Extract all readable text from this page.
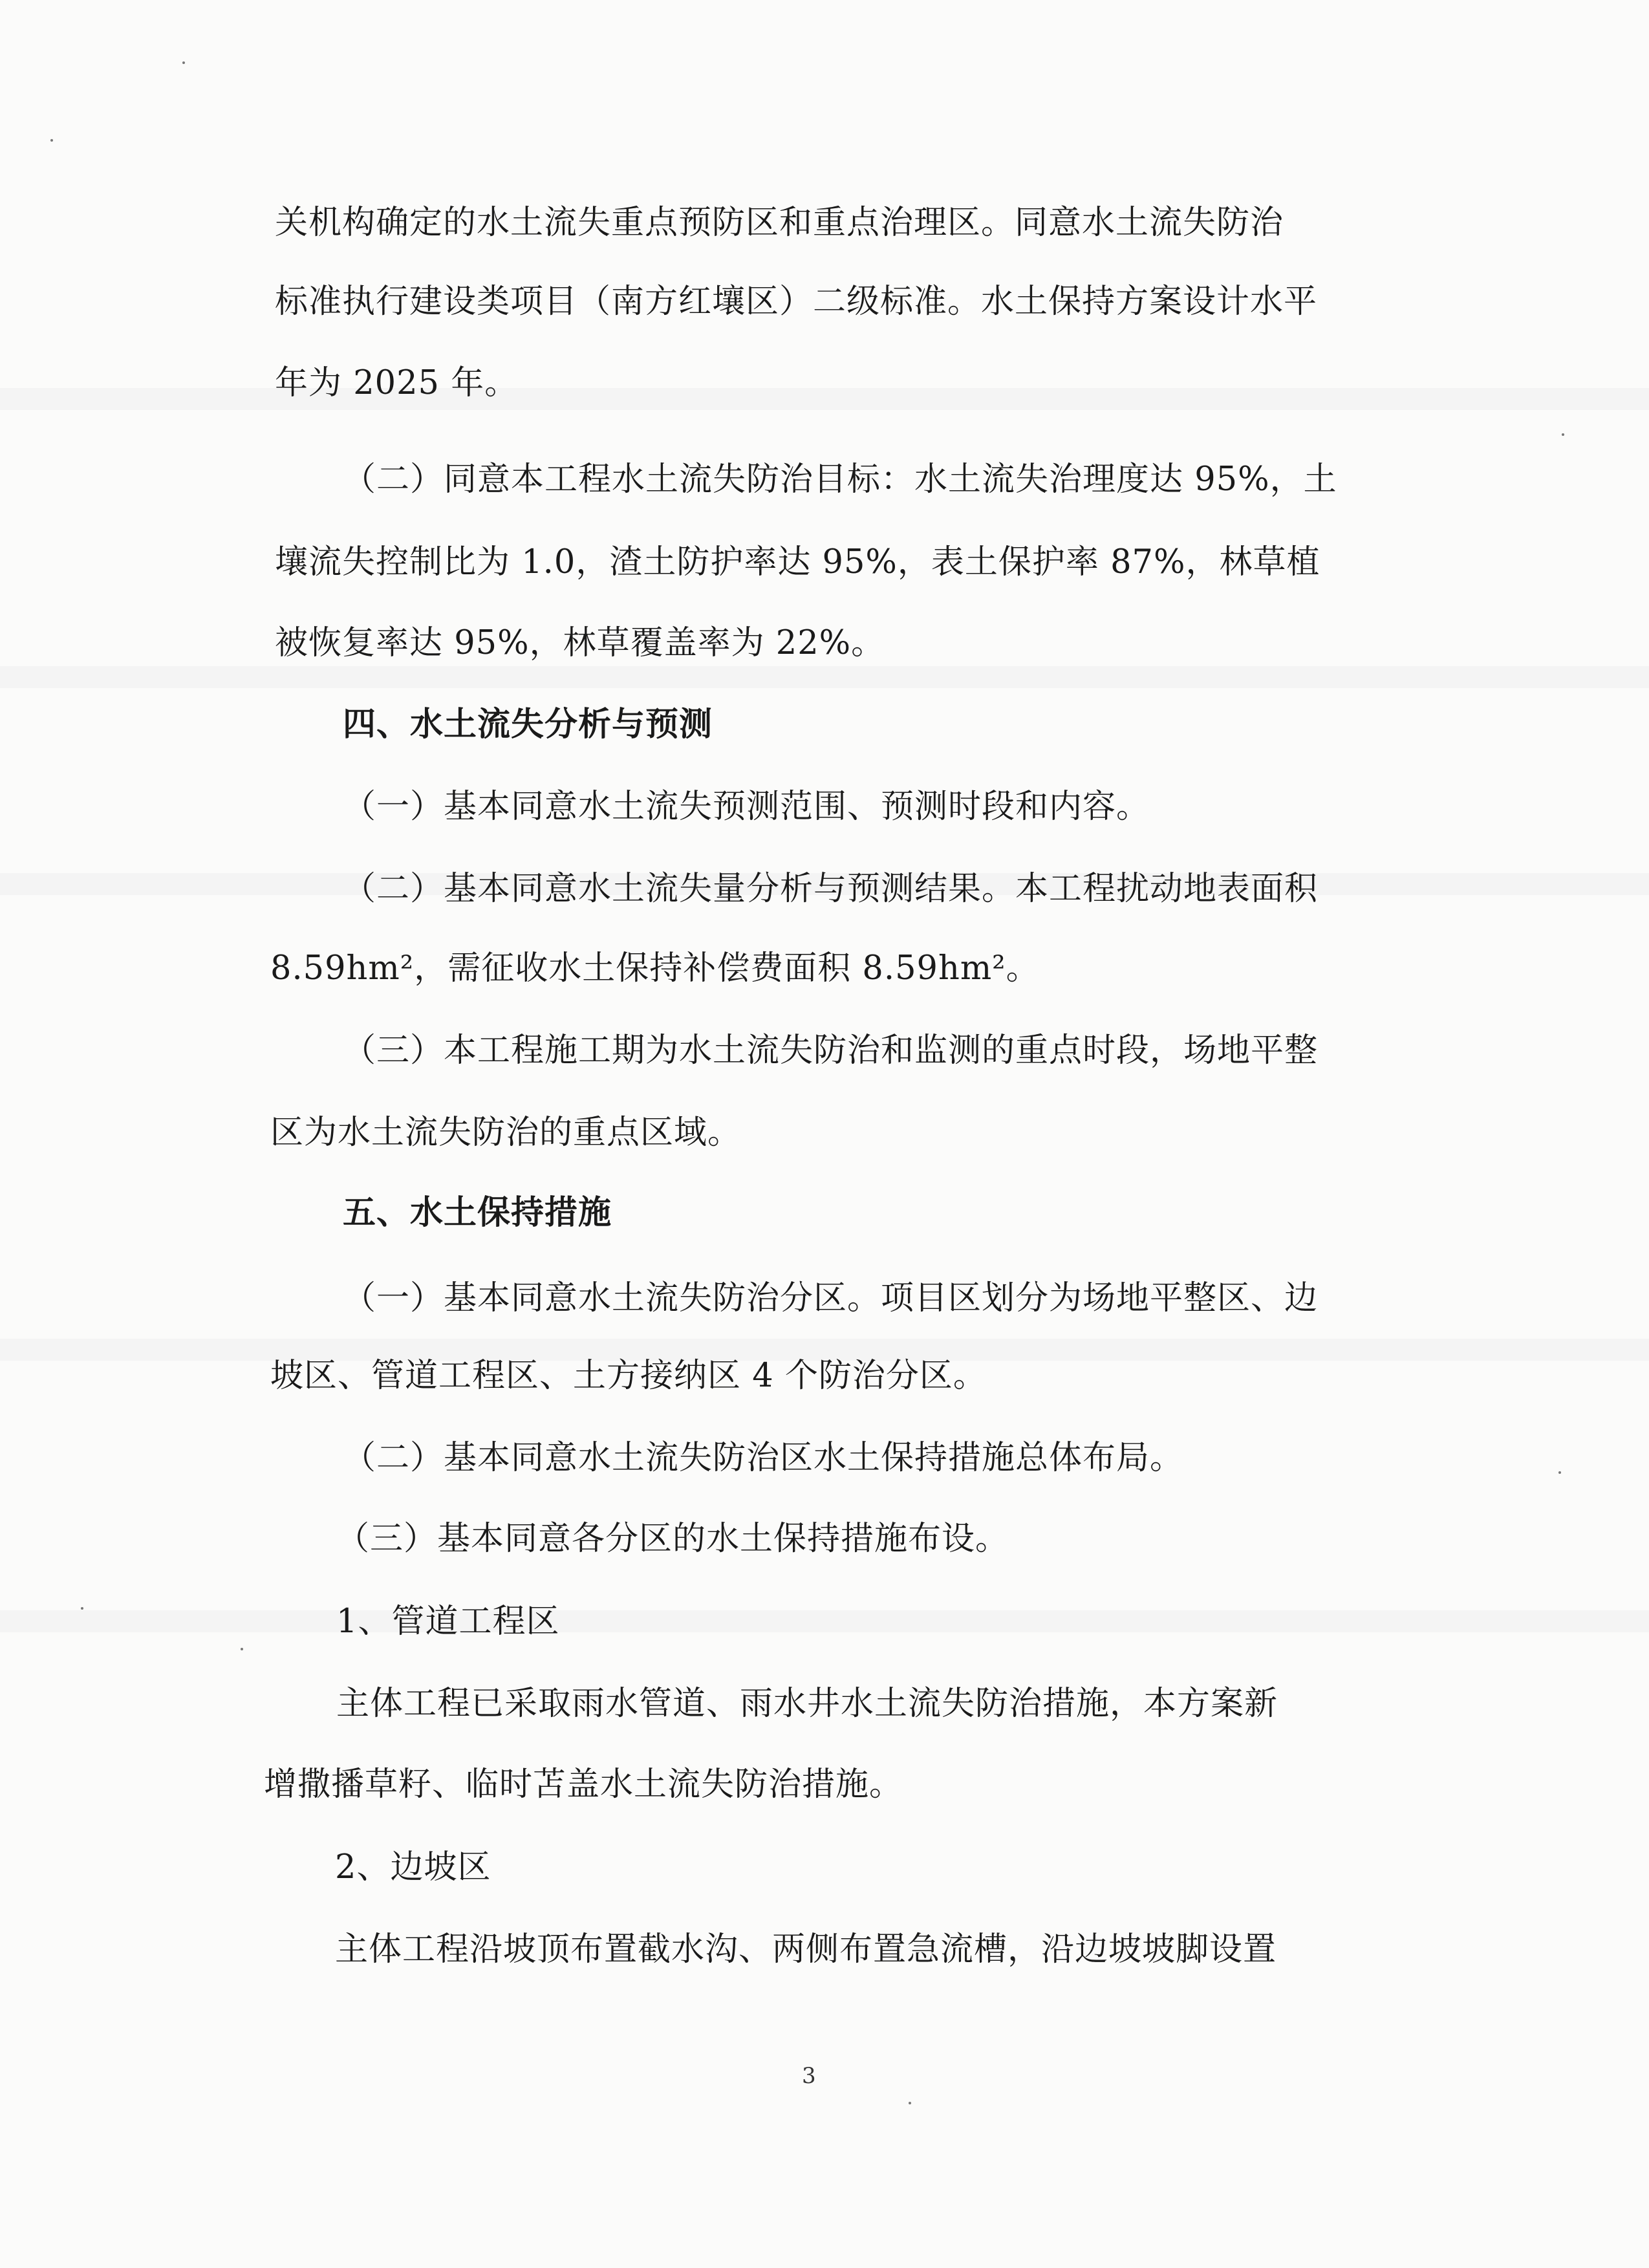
关机构确定的水土流失重点预防区和重点治理区。同意水土流失防治
标准执行建设类项目（南方红壤区）二级标准。水土保持方案设计水平
年为 2025 年。
（二）同意本工程水土流失防治目标：水土流失治理度达 95%，土
壤流失控制比为 1.0，渣土防护率达 95%，表土保护率 87%，林草植
被恢复率达 95%，林草覆盖率为 22%。
四、水土流失分析与预测
（一）基本同意水土流失预测范围、预测时段和内容。
（二）基本同意水土流失量分析与预测结果。本工程扰动地表面积
8.59hm²，需征收水土保持补偿费面积 8.59hm²。
（三）本工程施工期为水土流失防治和监测的重点时段，场地平整
区为水土流失防治的重点区域。
五、水土保持措施
（一）基本同意水土流失防治分区。项目区划分为场地平整区、边
坡区、管道工程区、土方接纳区 4 个防治分区。
（二）基本同意水土流失防治区水土保持措施总体布局。
（三）基本同意各分区的水土保持措施布设。
1、管道工程区
主体工程已采取雨水管道、雨水井水土流失防治措施，本方案新
增撒播草籽、临时苫盖水土流失防治措施。
2、边坡区
主体工程沿坡顶布置截水沟、两侧布置急流槽，沿边坡坡脚设置
3
